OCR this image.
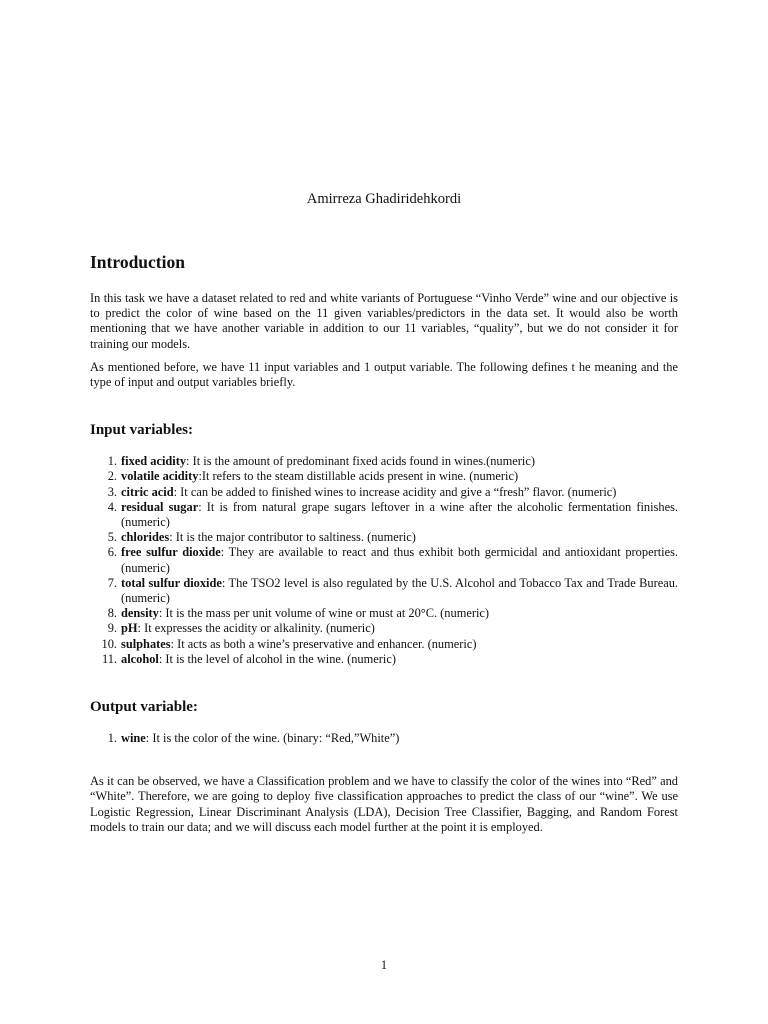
Amirreza Ghadiridehkordi
Introduction

In this task we have a dataset related to red and white variants of Portuguese “Vinho Verde” wine and our objective is to predict the color of wine based on the 11 given variables/predictors in the data set. It would also be worth mentioning that we have another variable in addition to our 11 variables, “quality”, but we do not consider it for training our models.

As mentioned before, we have 11 input variables and 1 output variable. The following defines t he meaning and the type of input and output variables briefly.

Input variables:
1. fixed acidity: It is the amount of predominant fixed acids found in wines.(numeric)
2. volatile acidity:It refers to the steam distillable acids present in wine. (numeric)
3. citric acid: It can be added to finished wines to increase acidity and give a “fresh” flavor. (numeric)
4. residual sugar: It is from natural grape sugars leftover in a wine after the alcoholic fermentation finishes. (numeric)
5. chlorides: It is the major contributor to saltiness. (numeric)
6. free sulfur dioxide: They are available to react and thus exhibit both germicidal and antioxidant properties.(numeric)
7. total sulfur dioxide: The TSO2 level is also regulated by the U.S. Alcohol and Tobacco Tax and Trade Bureau. (numeric)
8. density: It is the mass per unit volume of wine or must at 20°C. (numeric)
9. pH: It expresses the acidity or alkalinity. (numeric)
10. sulphates: It acts as both a wine’s preservative and enhancer. (numeric)
11. alcohol: It is the level of alcohol in the wine. (numeric)
Output variable:
1. wine: It is the color of the wine. (binary: “Red,”White”)

As it can be observed, we have a Classification problem and we have to classify the color of the wines into “Red” and “White”. Therefore, we are going to deploy five classification approaches to predict the class of our “wine”. We use Logistic Regression, Linear Discriminant Analysis (LDA), Decision Tree Classifier, Bagging, and Random Forest models to train our data; and we will discuss each model further at the point it is employed.

1
